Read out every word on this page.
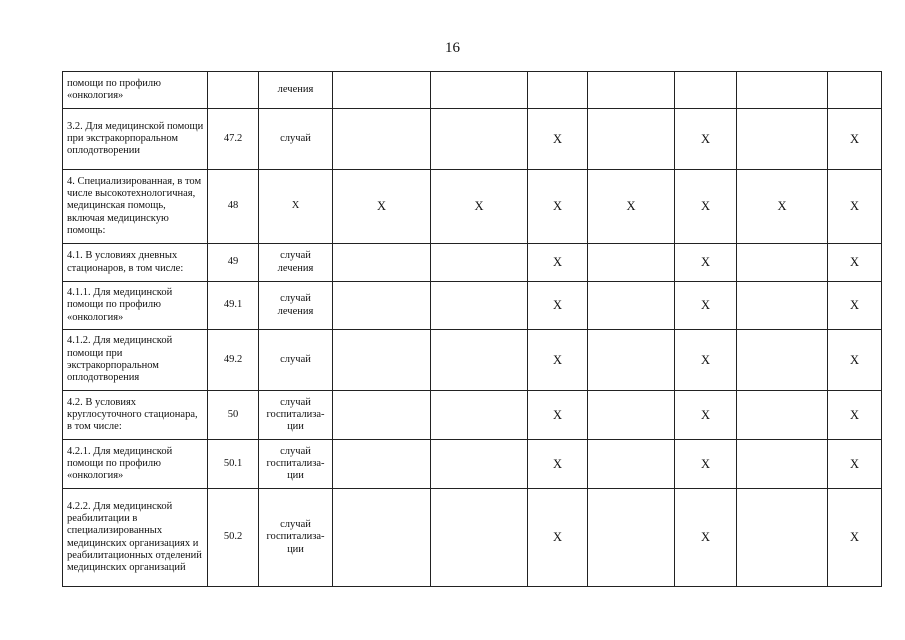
16
помощи по профилю «онкология»		лечения							
3.2. Для медицинской помощи при экстракорпоральном оплодотворении	47.2	случай			X		X		X
4. Специализированная, в том числе высокотехнологичная, медицинская помощь, включая медицинскую помощь:	48	X	X	X	X	X	X	X	X
4.1. В условиях дневных стационаров, в том числе:	49	случай лечения			X		X		X
4.1.1. Для медицинской помощи по профилю «онкология»	49.1	случай лечения			X		X		X
4.1.2. Для медицинской помощи при экстракорпоральном оплодотворения	49.2	случай			X		X		X
4.2. В условиях круглосуточного стационара, в том числе:	50	случай госпитализа-ции			X		X		X
4.2.1. Для медицинской помощи по профилю «онкология»	50.1	случай госпитализа-ции			X		X		X
4.2.2. Для медицинской реабилитации в специализированных медицинских организациях и реабилитационных отделений медицинских организаций	50.2	случай госпитализа-ции			X		X		X
